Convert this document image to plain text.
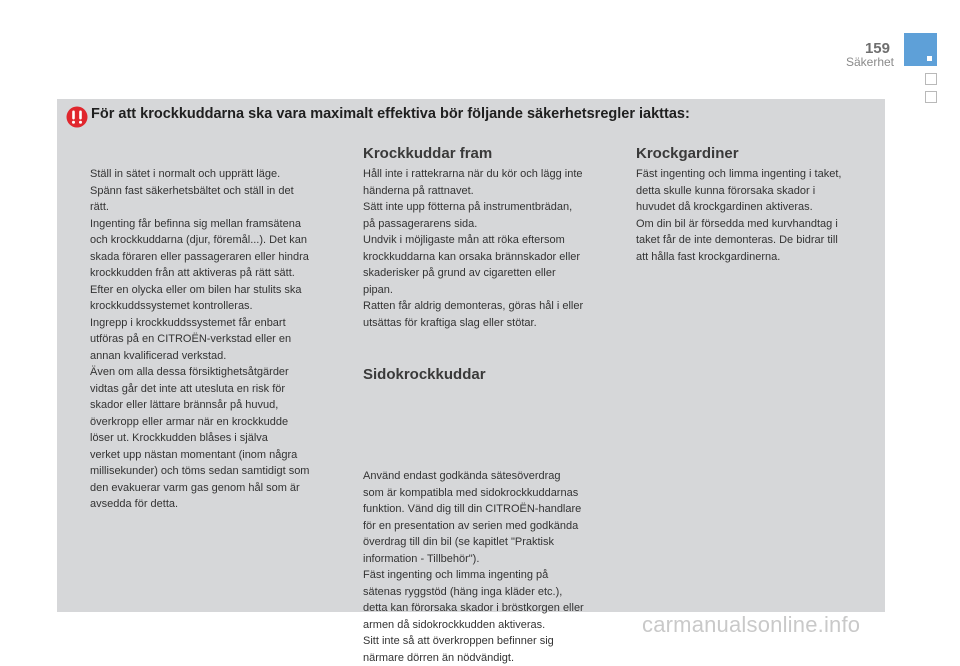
159
Säkerhet
För att krockkuddarna ska vara maximalt effektiva bör följande säkerhetsregler iakttas:
Ställ in sätet i normalt och upprätt läge.
Spänn fast säkerhetsbältet och ställ in det
rätt.
Ingenting får befinna sig mellan framsätena
och krockkuddarna (djur, föremål...). Det kan
skada föraren eller passageraren eller hindra
krockkudden från att aktiveras på rätt sätt.
Efter en olycka eller om bilen har stulits ska
krockkuddssystemet kontrolleras.
Ingrepp i krockkuddssystemet får enbart
utföras på en CITROËN-verkstad eller en
annan kvalificerad verkstad.
Även om alla dessa försiktighetsåtgärder
vidtas går det inte att utesluta en risk för
skador eller lättare brännsår på huvud,
överkropp eller armar när en krockkudde
löser ut. Krockkudden blåses i själva
verket upp nästan momentant (inom några
millisekunder) och töms sedan samtidigt som
den evakuerar varm gas genom hål som är
avsedda för detta.
Krockkuddar fram
Håll inte i rattekrarna när du kör och lägg inte
händerna på rattnavet.
Sätt inte upp fötterna på instrumentbrädan,
på passagerarens sida.
Undvik i möjligaste mån att röka eftersom
krockkuddarna kan orsaka brännskador eller
skaderisker på grund av cigaretten eller
pipan.
Ratten får aldrig demonteras, göras hål i eller
utsättas för kraftiga slag eller stötar.
Sidokrockkuddar
Använd endast godkända sätesöverdrag
som är kompatibla med sidokrockkuddarnas
funktion. Vänd dig till din CITROËN-handlare
för en presentation av serien med godkända
överdrag till din bil (se kapitlet "Praktisk
information - Tillbehör").
Fäst ingenting och limma ingenting på
sätenas ryggstöd (häng inga kläder etc.),
detta kan förorsaka skador i bröstkorgen eller
armen då sidokrockkudden aktiveras.
Sitt inte så att överkroppen befinner sig
närmare dörren än nödvändigt.
Krockgardiner
Fäst ingenting och limma ingenting i taket,
detta skulle kunna förorsaka skador i
huvudet då krockgardinen aktiveras.
Om din bil är försedda med kurvhandtag i
taket får de inte demonteras. De bidrar till
att hålla fast krockgardinerna.
carmanualsonline.info
